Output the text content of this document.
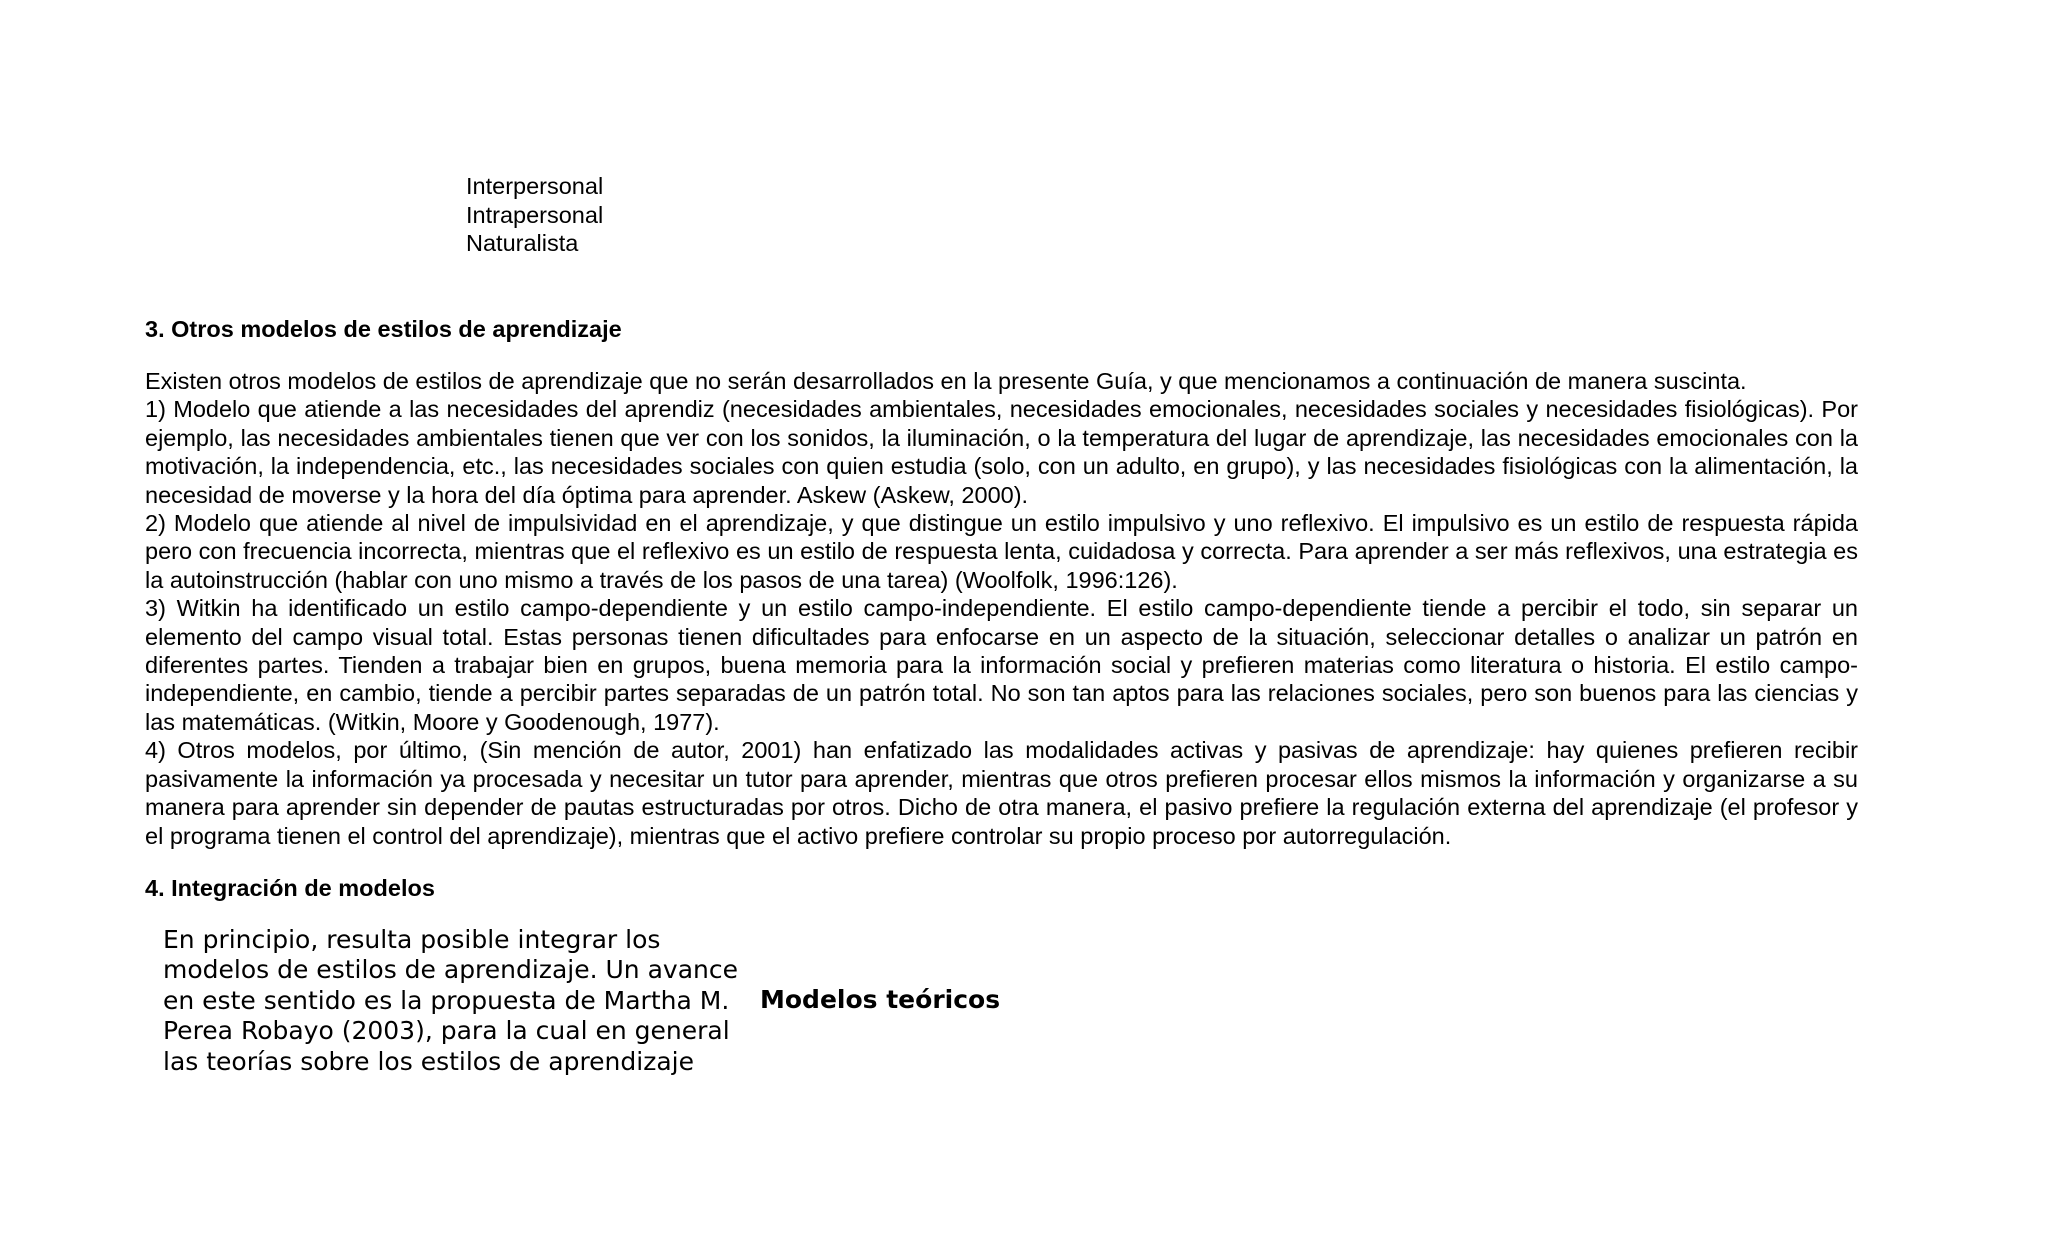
Interpersonal
Intrapersonal
Naturalista
3. Otros modelos de estilos de aprendizaje

Existen otros modelos de estilos de aprendizaje que no serán desarrollados en la presente Guía, y que mencionamos a continuación de manera suscinta.

1) Modelo que atiende a las necesidades del aprendiz (necesidades ambientales, necesidades emocionales, necesidades sociales y necesidades fisiológicas). Por ejemplo, las necesidades ambientales tienen que ver con los sonidos, la iluminación, o la temperatura del lugar de aprendizaje, las necesidades emocionales con la motivación, la independencia, etc., las necesidades sociales con quien estudia (solo, con un adulto, en grupo), y las necesidades fisiológicas con la alimentación, la necesidad de moverse y la hora del día óptima para aprender. Askew (Askew, 2000).

2) Modelo que atiende al nivel de impulsividad en el aprendizaje, y que distingue un estilo impulsivo y uno reflexivo. El impulsivo es un estilo de respuesta rápida pero con frecuencia incorrecta, mientras que el reflexivo es un estilo de respuesta lenta, cuidadosa y correcta. Para aprender a ser más reflexivos, una estrategia es la autoinstrucción (hablar con uno mismo a través de los pasos de una tarea) (Woolfolk, 1996:126).

3) Witkin ha identificado un estilo campo-dependiente y un estilo campo-independiente. El estilo campo-dependiente tiende a percibir el todo, sin separar un elemento del campo visual total. Estas personas tienen dificultades para enfocarse en un aspecto de la situación, seleccionar detalles o analizar un patrón en diferentes partes. Tienden a trabajar bien en grupos, buena memoria para la información social y prefieren materias como literatura o historia. El estilo campo-independiente, en cambio, tiende a percibir partes separadas de un patrón total. No son tan aptos para las relaciones sociales, pero son buenos para las ciencias y las matemáticas. (Witkin, Moore y Goodenough, 1977).

4) Otros modelos, por último, (Sin mención de autor, 2001) han enfatizado las modalidades activas y pasivas de aprendizaje: hay quienes prefieren recibir pasivamente la información ya procesada y necesitar un tutor para aprender, mientras que otros prefieren procesar ellos mismos la información y organizarse a su manera para aprender sin depender de pautas estructuradas por otros. Dicho de otra manera, el pasivo prefiere la regulación externa del aprendizaje (el profesor y el programa tienen el control del aprendizaje), mientras que el activo prefiere controlar su propio proceso por autorregulación.

4. Integración de modelos
En principio, resulta posible integrar los
modelos de estilos de aprendizaje. Un avance
en este sentido es la propuesta de Martha M.
Perea Robayo (2003), para la cual en general
las teorías sobre los estilos de aprendizaje
Modelos teóricos
